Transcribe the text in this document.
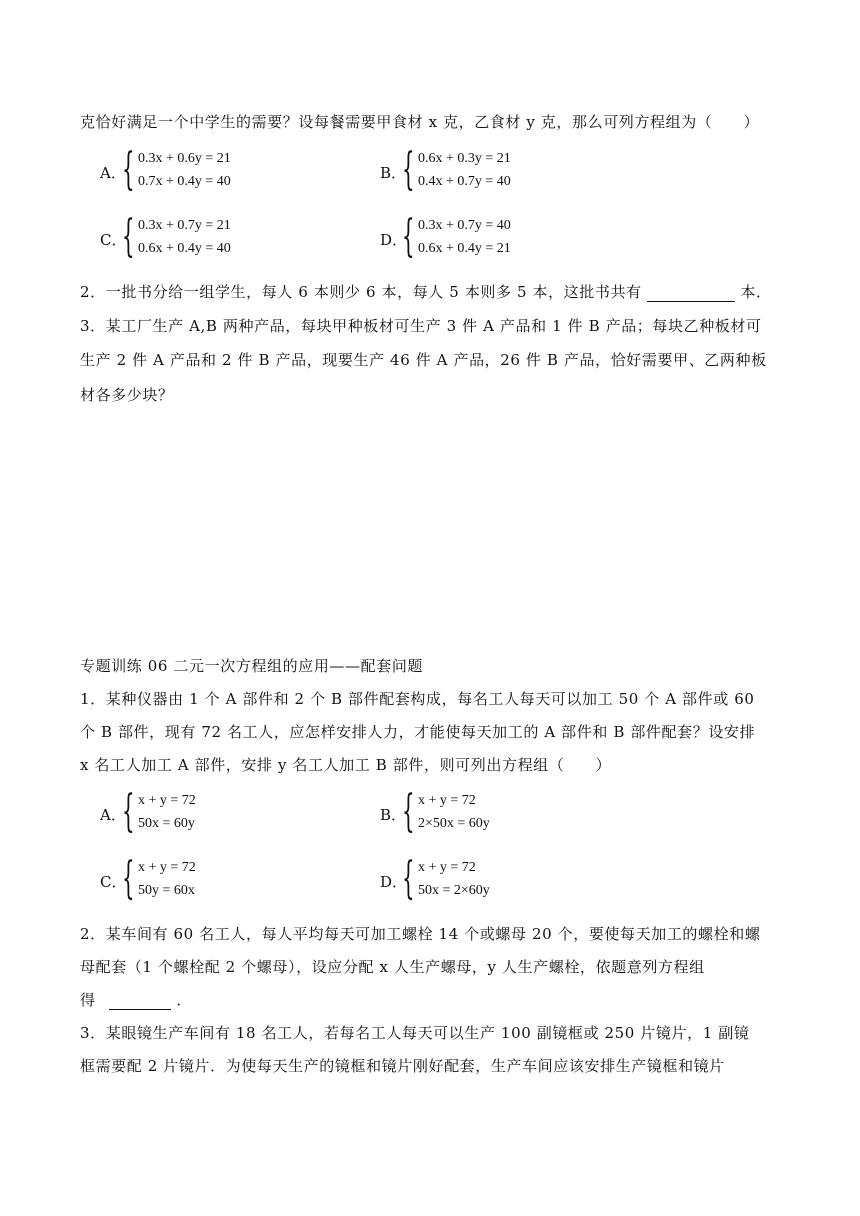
克恰好满足一个中学生的需要？设每餐需要甲食材 x 克，乙食材 y 克，那么可列方程组为（　　）
A．
{ 0.3x + 0.6y = 21
0.7x + 0.4y = 40	B．
{ 0.6x + 0.3y = 21
0.4x + 0.7y = 40
C．
{ 0.3x + 0.7y = 21
0.6x + 0.4y = 40	D．
{ 0.3x + 0.7y = 40
0.6x + 0.4y = 21
2．一批书分给一组学生，每人 6 本则少 6 本，每人 5 本则多 5 本，这批书共有	本．
3．某工厂生产 A,B 两种产品，每块甲种板材可生产 3 件 A 产品和 1 件 B 产品；每块乙种板材可
生产 2 件 A 产品和 2 件 B 产品，现要生产 46 件 A 产品，26 件 B 产品，恰好需要甲、乙两种板
材各多少块？
专题训练 06 二元一次方程组的应用——配套问题
1．某种仪器由 1 个 A 部件和 2 个 B 部件配套构成，每名工人每天可以加工 50 个 A 部件或 60
个 B 部件，现有 72 名工人，应怎样安排人力，才能使每天加工的 A 部件和 B 部件配套？设安排
x 名工人加工 A 部件，安排 y 名工人加工 B 部件，则可列出方程组（　　）
A．
{ x + y = 72
50x = 60y	B．
{ x + y = 72
2×50x = 60y
C．
{ x + y = 72
50y = 60x	D．
{ x + y = 72
50x = 2×60y
2．某车间有 60 名工人，每人平均每天可加工螺栓 14 个或螺母 20 个，要使每天加工的螺栓和螺
母配套（1 个螺栓配 2 个螺母），设应分配 x 人生产螺母，y 人生产螺栓，依题意列方程组
得	．
3．某眼镜生产车间有 18 名工人，若每名工人每天可以生产 100 副镜框或 250 片镜片，1 副镜
框需要配 2 片镜片．为使每天生产的镜框和镜片刚好配套，生产车间应该安排生产镜框和镜片
